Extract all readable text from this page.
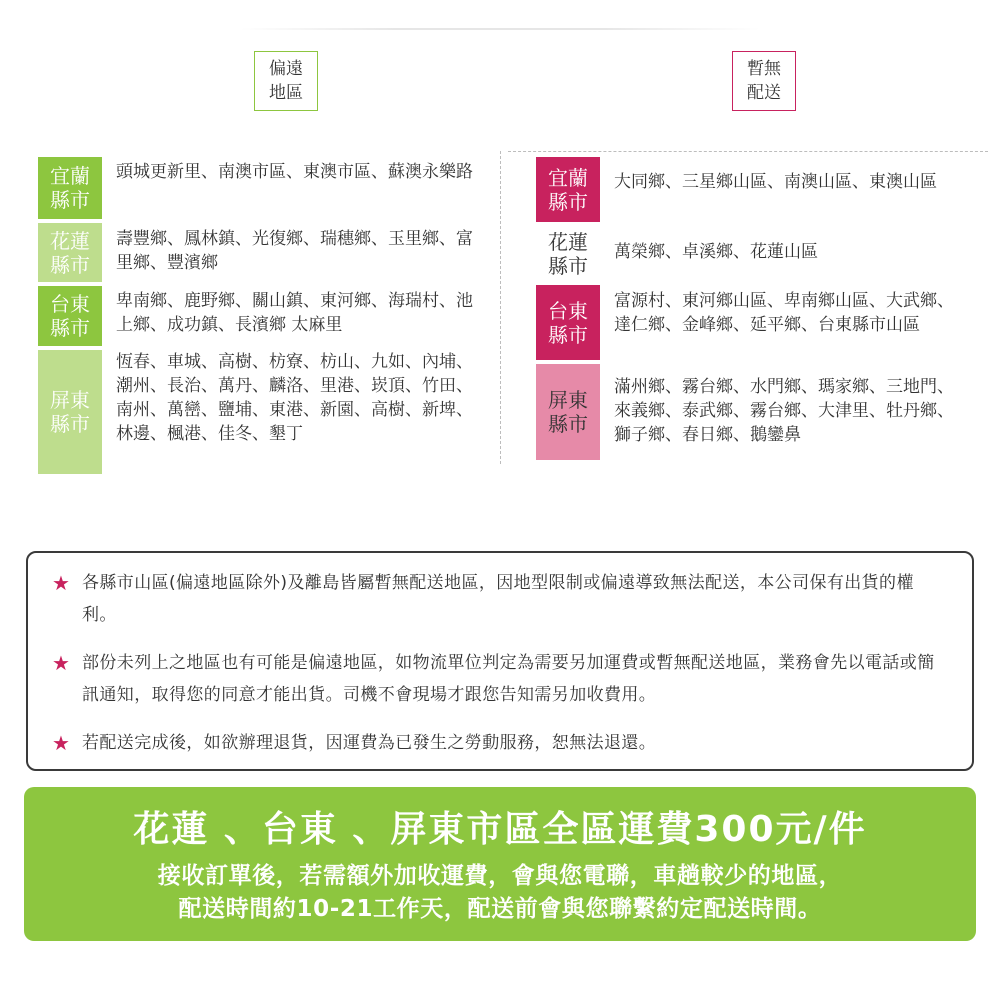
偏遠
地區
暫無
配送
宜蘭
縣市
頭城更新里、南澳市區、東澳市區、蘇澳永樂路
花蓮
縣市
壽豐鄉、鳳林鎮、光復鄉、瑞穗鄉、玉里鄉、富里鄉、豐濱鄉
台東
縣市
卑南鄉、鹿野鄉、關山鎮、東河鄉、海瑞村、池上鄉、成功鎮、長濱鄉 太麻里
屏東
縣市
恆春、車城、高樹、枋寮、枋山、九如、內埔、潮州、長治、萬丹、麟洛、里港、崁頂、竹田、南州、萬巒、鹽埔、東港、新園、高樹、新埤、林邊、楓港、佳冬、墾丁
宜蘭
縣市
大同鄉、三星鄉山區、南澳山區、東澳山區
花蓮
縣市
萬榮鄉、卓溪鄉、花蓮山區
台東
縣市
富源村、東河鄉山區、卑南鄉山區、大武鄉、達仁鄉、金峰鄉、延平鄉、台東縣市山區
屏東
縣市
滿州鄉、霧台鄉、水門鄉、瑪家鄉、三地門、來義鄉、泰武鄉、霧台鄉、大津里、牡丹鄉、獅子鄉、春日鄉、鵝鑾鼻
★ 各縣市山區(偏遠地區除外)及離島皆屬暫無配送地區，因地型限制或偏遠導致無法配送，本公司保有出貨的權利。
★ 部份未列上之地區也有可能是偏遠地區，如物流單位判定為需要另加運費或暫無配送地區，業務會先以電話或簡訊通知，取得您的同意才能出貨。司機不會現場才跟您告知需另加收費用。
★ 若配送完成後，如欲辦理退貨，因運費為已發生之勞動服務，恕無法退還。
花蓮 、台東 、屏東市區全區運費300元/件
接收訂單後，若需額外加收運費，會與您電聯，車趟較少的地區，
配送時間約10-21工作天，配送前會與您聯繫約定配送時間。
